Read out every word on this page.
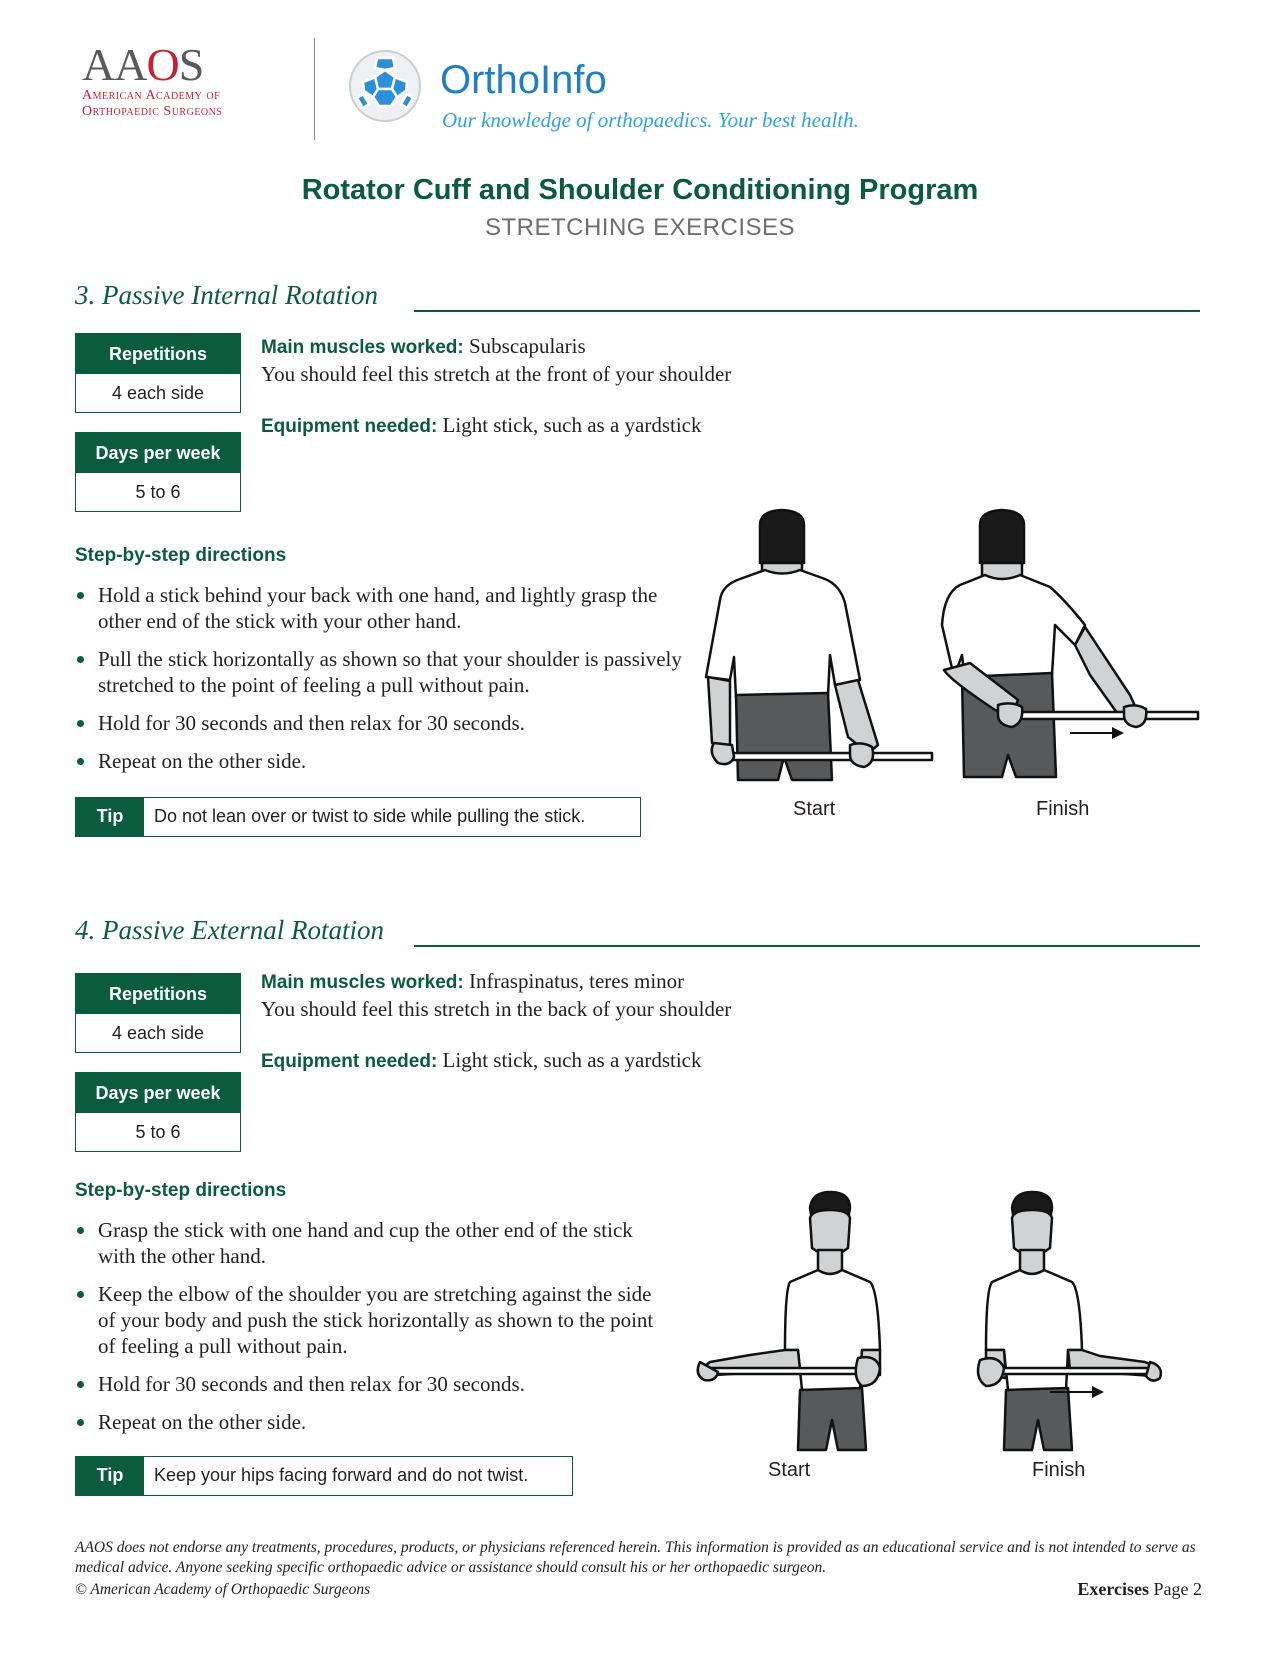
AAOS
American Academy of
Orthopaedic Surgeons
OrthoInfo
Our knowledge of orthopaedics. Your best health.
Rotator Cuff and Shoulder Conditioning Program
STRETCHING EXERCISES
3. Passive Internal Rotation
Repetitions
4 each side
Days per week
5 to 6
Main muscles worked: Subscapularis
You should feel this stretch at the front of your shoulder
Equipment needed: Light stick, such as a yardstick
Step-by-step directions
Hold a stick behind your back with one hand, and lightly grasp the other end of the stick with your other hand.
Pull the stick horizontally as shown so that your shoulder is passively stretched to the point of feeling a pull without pain.
Hold for 30 seconds and then relax for 30 seconds.
Repeat on the other side.
Tip	Do not lean over or twist to side while pulling the stick.	Start	Finish
4. Passive External Rotation
Repetitions
4 each side
Days per week
5 to 6
Main muscles worked: Infraspinatus, teres minor
You should feel this stretch in the back of your shoulder
Equipment needed: Light stick, such as a yardstick
Step-by-step directions
Grasp the stick with one hand and cup the other end of the stick with the other hand.
Keep the elbow of the shoulder you are stretching against the side of your body and push the stick horizontally as shown to the point of feeling a pull without pain.
Hold for 30 seconds and then relax for 30 seconds.
Repeat on the other side.
Tip	Keep your hips facing forward and do not twist.	Start	Finish
AAOS does not endorse any treatments, procedures, products, or physicians referenced herein. This information is provided as an educational service and is not intended to serve as medical advice. Anyone seeking specific orthopaedic advice or assistance should consult his or her orthopaedic surgeon.
© American Academy of Orthopaedic Surgeons	Exercises Page 2
